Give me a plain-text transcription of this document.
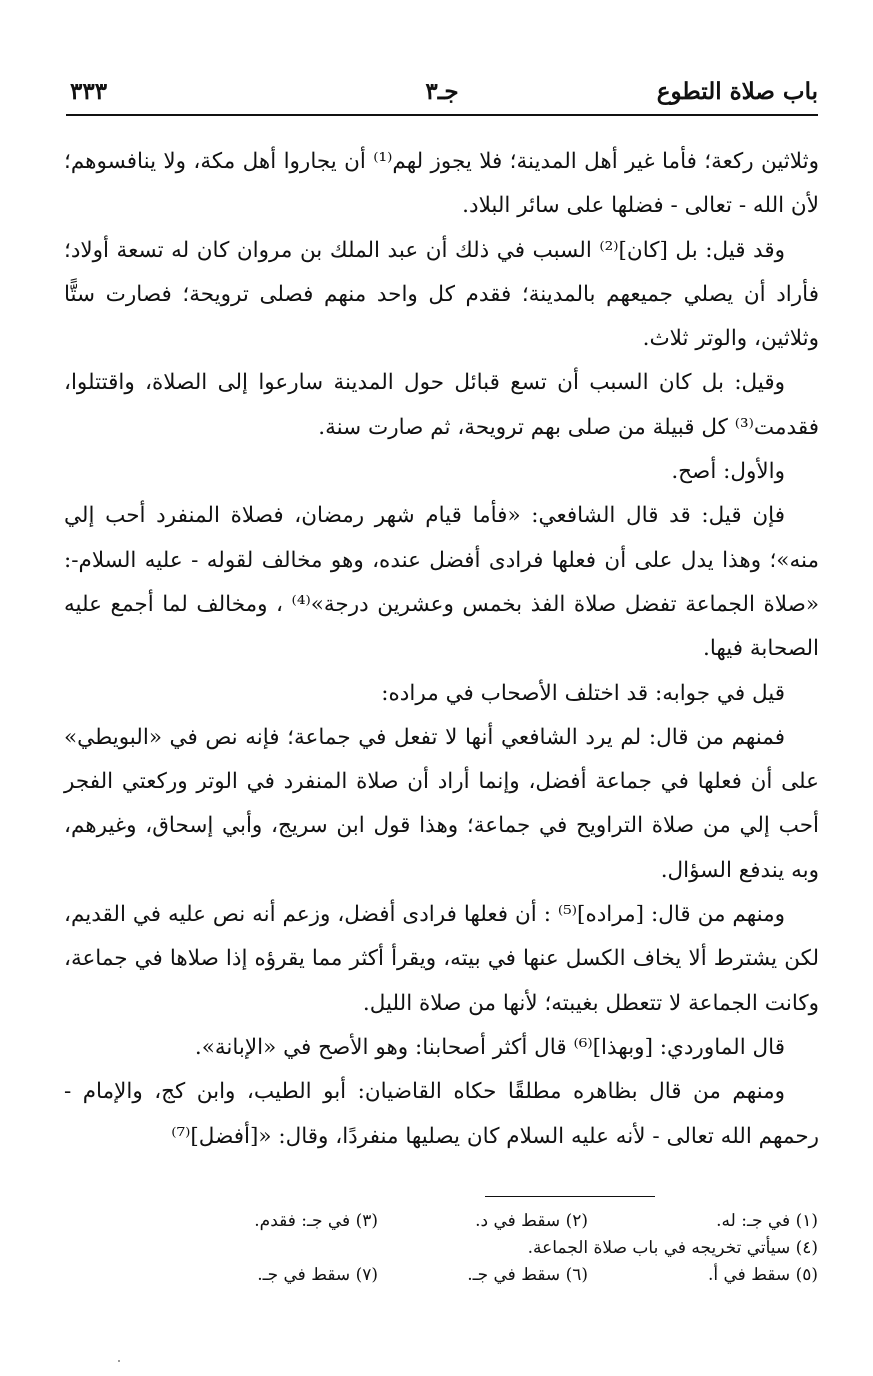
باب صلاة التطوع
جـ٣
٣٣٣

وثلاثين ركعة؛ فأما غير أهل المدينة؛ فلا يجوز لهم⁽¹⁾ أن يجاروا أهل مكة، ولا ينافسوهم؛ لأن الله - تعالى - فضلها على سائر البلاد.

وقد قيل: بل [كان]⁽²⁾ السبب في ذلك أن عبد الملك بن مروان كان له تسعة أولاد؛ فأراد أن يصلي جميعهم بالمدينة؛ فقدم كل واحد منهم فصلى ترويحة؛ فصارت ستًّا وثلاثين، والوتر ثلاث.

وقيل: بل كان السبب أن تسع قبائل حول المدينة سارعوا إلى الصلاة، واقتتلوا، فقدمت⁽³⁾ كل قبيلة من صلى بهم ترويحة، ثم صارت سنة.

والأول: أصح.

فإن قيل: قد قال الشافعي: «فأما قيام شهر رمضان، فصلاة المنفرد أحب إلي منه»؛ وهذا يدل على أن فعلها فرادى أفضل عنده، وهو مخالف لقوله - عليه السلام-: «صلاة الجماعة تفضل صلاة الفذ بخمس وعشرين درجة»⁽⁴⁾ ، ومخالف لما أجمع عليه الصحابة فيها.

قيل في جوابه: قد اختلف الأصحاب في مراده:

فمنهم من قال: لم يرد الشافعي أنها لا تفعل في جماعة؛ فإنه نص في «البويطي» على أن فعلها في جماعة أفضل، وإنما أراد أن صلاة المنفرد في الوتر وركعتي الفجر أحب إلي من صلاة التراويح في جماعة؛ وهذا قول ابن سريج، وأبي إسحاق، وغيرهم، وبه يندفع السؤال.

ومنهم من قال: [مراده]⁽⁵⁾ : أن فعلها فرادى أفضل، وزعم أنه نص عليه في القديم، لكن يشترط ألا يخاف الكسل عنها في بيته، ويقرأ أكثر مما يقرؤه إذا صلاها في جماعة، وكانت الجماعة لا تتعطل بغيبته؛ لأنها من صلاة الليل.

قال الماوردي: [وبهذا]⁽⁶⁾ قال أكثر أصحابنا: وهو الأصح في «الإبانة».

ومنهم من قال بظاهره مطلقًا حكاه القاضيان: أبو الطيب، وابن كج، والإمام - رحمهم الله تعالى - لأنه عليه السلام كان يصليها منفردًا، وقال: «[أفضل]⁽⁷⁾

(١) في جـ: له.
(٢) سقط في د.
(٣) في جـ: فقدم.
(٤) سيأتي تخريجه في باب صلاة الجماعة.
(٥) سقط في أ.
(٦) سقط في جـ.
(٧) سقط في جـ.
